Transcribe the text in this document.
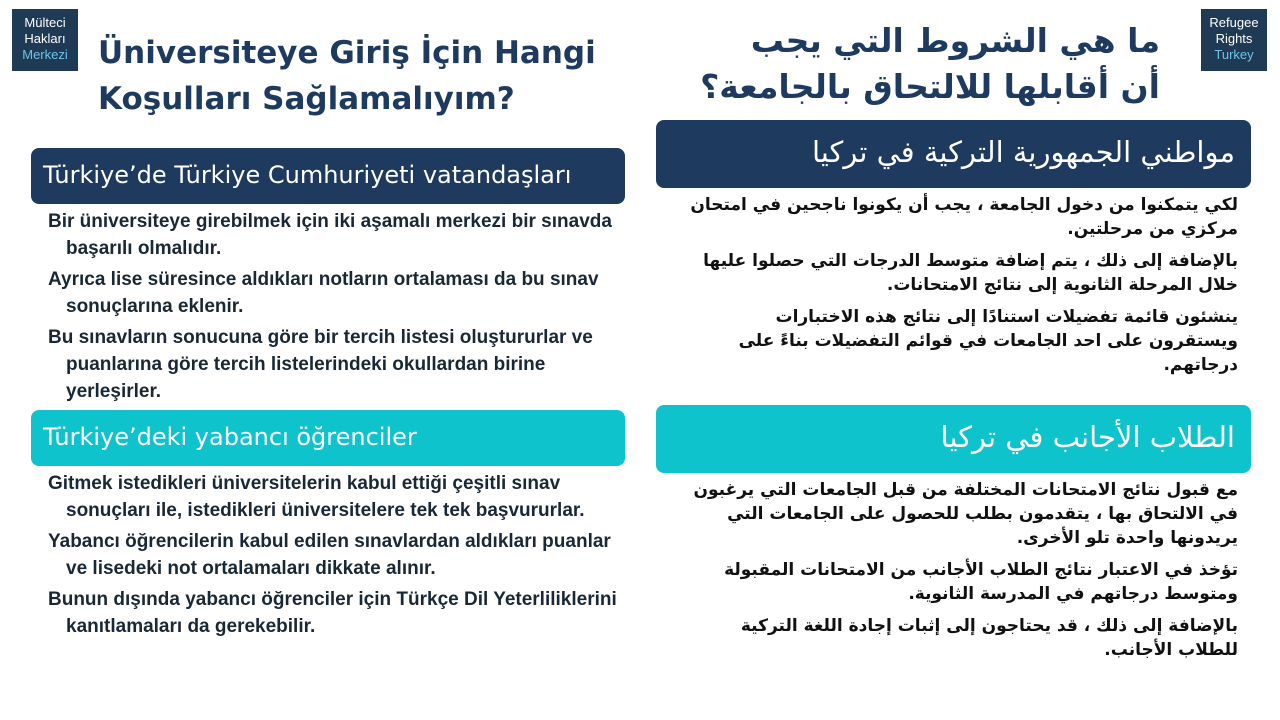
Mülteci
Hakları
Merkezi
Refugee
Rights
Turkey
Üniversiteye Giriş İçin Hangi Koşulları Sağlamalıyım?
ما هي الشروط التي يجب أن أقابلها للالتحاق بالجامعة؟
Türkiye’de Türkiye Cumhuriyeti vatandaşları
Bir üniversiteye girebilmek için iki aşamalı merkezi bir sınavda başarılı olmalıdır.
Ayrıca lise süresince aldıkları notların ortalaması da bu sınav sonuçlarına eklenir.
Bu sınavların sonucuna göre bir tercih listesi oluştururlar ve puanlarına göre tercih listelerindeki okullardan birine yerleşirler.
Türkiye’deki yabancı öğrenciler
Gitmek istedikleri üniversitelerin kabul ettiği çeşitli sınav sonuçları ile, istedikleri üniversitelere tek tek başvururlar.
Yabancı öğrencilerin kabul edilen sınavlardan aldıkları puanlar ve lisedeki not ortalamaları dikkate alınır.
Bunun dışında yabancı öğrenciler için Türkçe Dil Yeterliliklerini kanıtlamaları da gerekebilir.
مواطني الجمهورية التركية في تركيا
لكي يتمكنوا من دخول الجامعة ، يجب أن يكونوا ناجحين في امتحان مركزي من مرحلتين.
بالإضافة إلى ذلك ، يتم إضافة متوسط الدرجات التي حصلوا عليها خلال المرحلة الثانوية إلى نتائج الامتحانات.
ينشئون قائمة تفضيلات استنادًا إلى نتائج هذه الاختبارات ويستقرون على احد الجامعات في قوائم التفضيلات بناءً على درجاتهم.
الطلاب الأجانب في تركيا
مع قبول نتائج الامتحانات المختلفة من قبل الجامعات التي يرغبون في الالتحاق بها ، يتقدمون بطلب للحصول على الجامعات التي يريدونها واحدة تلو الأخرى.
تؤخذ في الاعتبار نتائج الطلاب الأجانب من الامتحانات المقبولة ومتوسط درجاتهم في المدرسة الثانوية.
بالإضافة إلى ذلك ، قد يحتاجون إلى إثبات إجادة اللغة التركية للطلاب الأجانب.
